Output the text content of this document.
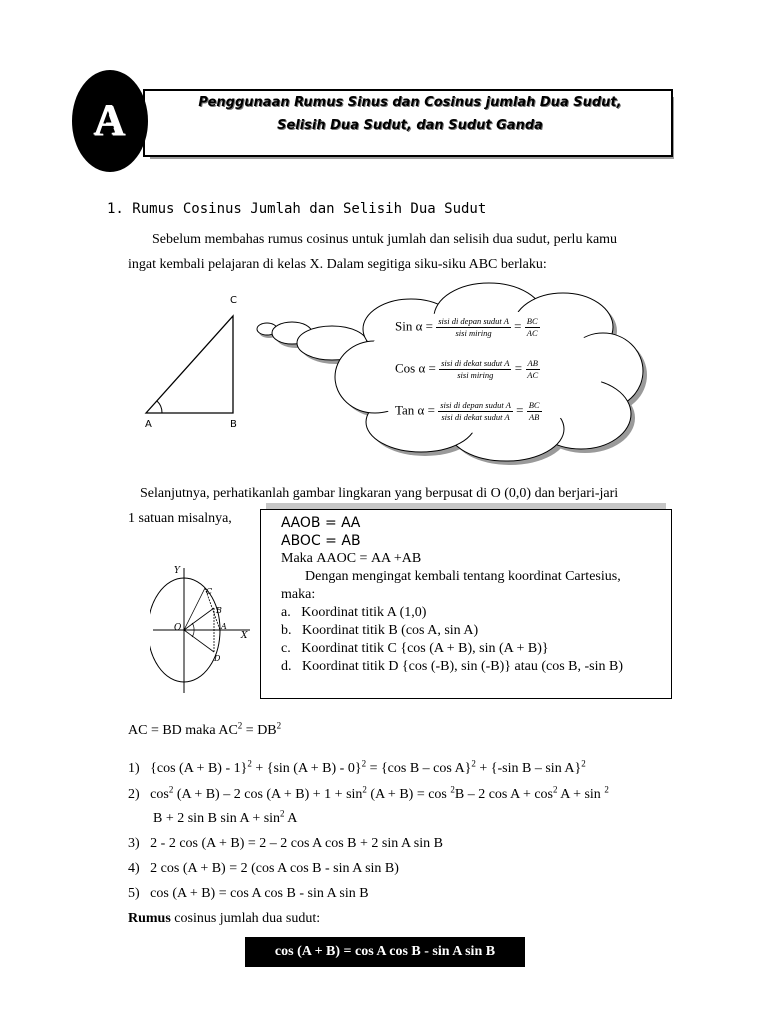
A	Penggunaan Rumus Sinus dan Cosinus jumlah Dua Sudut,
Selisih Dua Sudut, dan Sudut Ganda
1. Rumus Cosinus Jumlah dan Selisih Dua Sudut
Sebelum membahas rumus cosinus untuk jumlah dan selisih dua sudut, perlu kamu
ingat kembali pelajaran di kelas X. Dalam segitiga siku-siku ABC berlaku:
C
A	B
Sin $\alpha = \frac{\text{sisi di depan sudut A}}{\text{sisi miring}} = \frac{BC}{AC}$
Cos $\alpha = \frac{\text{sisi di dekat sudut A}}{\text{sisi miring}} = \frac{AB}{AC}$
Tan $\alpha = \frac{\text{sisi di depan sudut A}}{\text{sisi di dekat sudut A}} = \frac{BC}{AB}$
Selanjutnya, perhatikanlah gambar lingkaran yang berpusat di O (0,0) dan berjari-jari
1 satuan misalnya,
Y
X
O	A
B
C
D
ΑAOB = ΑA
ΑBOC = ΑB
Maka ΑAOC = ΑA +ΑB
Dengan mengingat kembali tentang koordinat Cartesius,
maka:
a.   Koordinat titik A (1,0)
b.   Koordinat titik B (cos A, sin A)
c.   Koordinat titik C {cos (A + B), sin (A + B)}
d.   Koordinat titik D {cos (-B), sin (-B)} atau (cos B, -sin B)
AC = BD maka $AC^2 = DB^2$
1)   {cos (A + B) - 1}$^2$ + {sin (A + B) - 0}$^2$ = {cos B – cos A}$^2$ + {-sin B – sin A}$^2$
2)   $\cos^2 (A + B) - 2$ $\cos (A + B) + 1 + \sin^2 (A + B) = \cos ^2B - 2$ $\cos A + \cos^2 A + \sin ^2$
B + 2 sin B $\sin A + \sin^2 A$
3)   2 - 2 cos (A + B) = 2 – 2 cos A cos B + 2 sin A sin B
4)   2 cos (A + B) = 2 (cos A cos B - sin A sin B)
5)   cos (A + B) = cos A cos B - sin A sin B
Rumus cosinus jumlah dua sudut:
cos (A + B) = cos A cos B - sin A sin B
